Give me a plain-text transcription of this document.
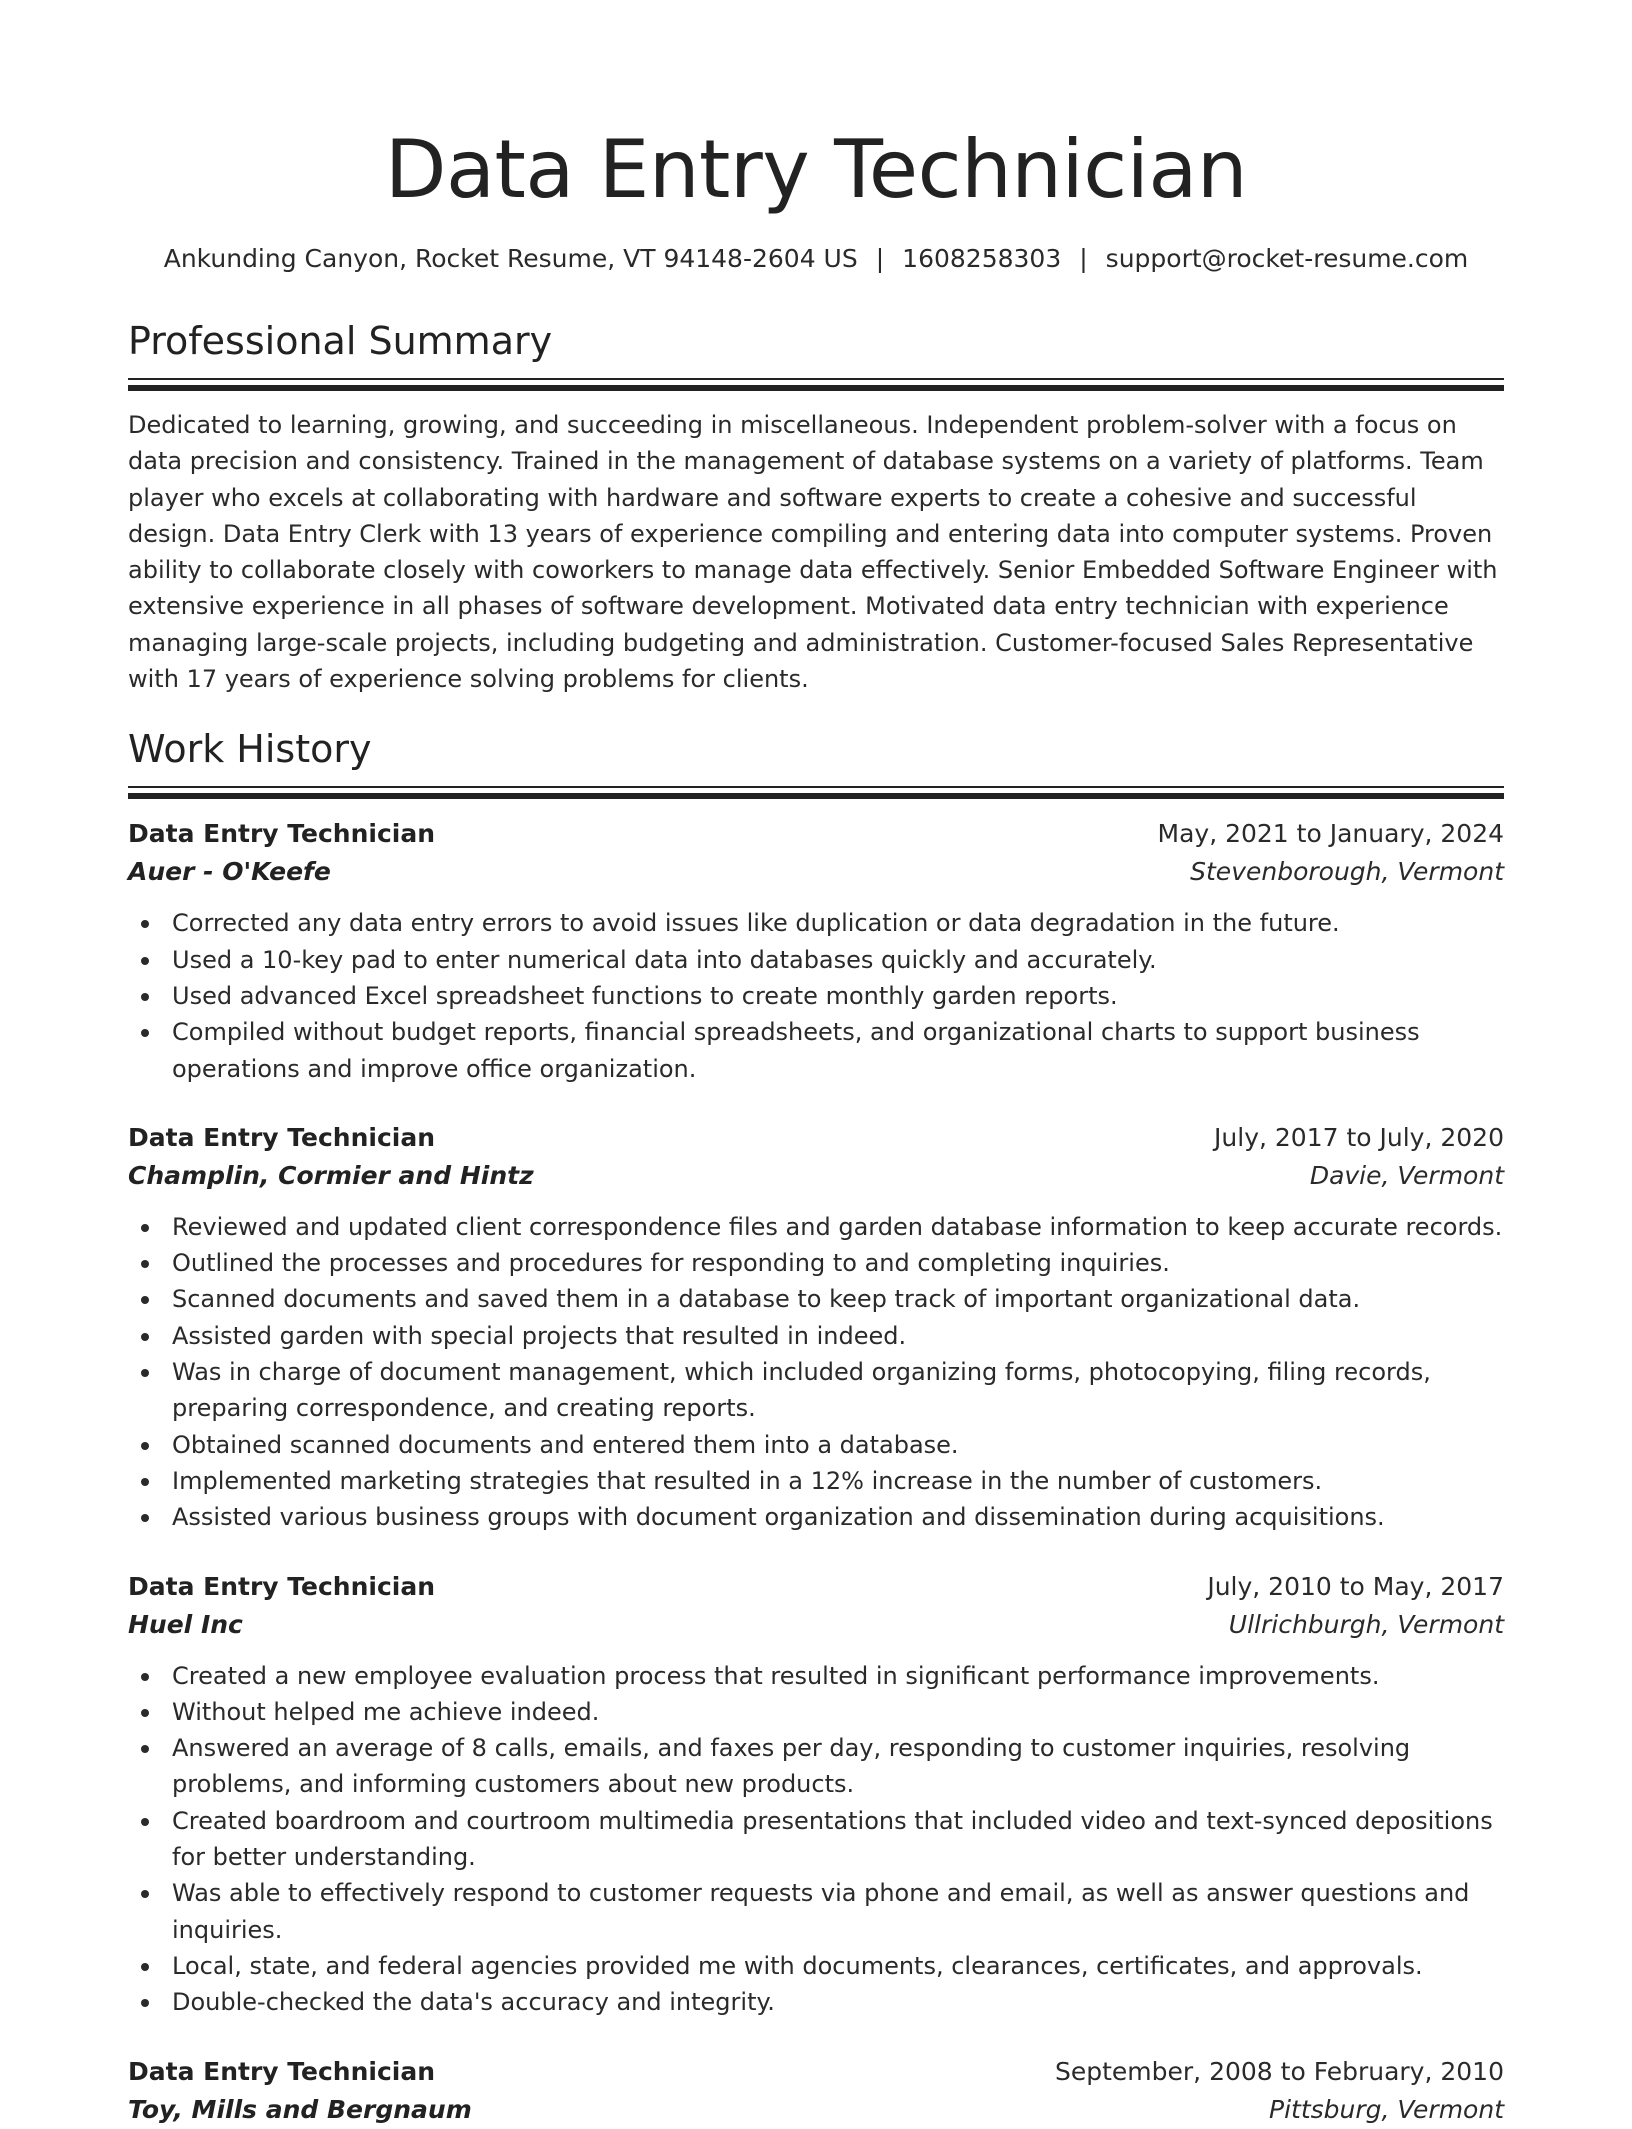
Data Entry Technician
Ankunding Canyon, Rocket Resume, VT 94148-2604 US | 1608258303 | support@rocket-resume.com
Professional Summary

Dedicated to learning, growing, and succeeding in miscellaneous. Independent problem-solver with a focus on data precision and consistency. Trained in the management of database systems on a variety of platforms. Team player who excels at collaborating with hardware and software experts to create a cohesive and successful design. Data Entry Clerk with 13 years of experience compiling and entering data into computer systems. Proven ability to collaborate closely with coworkers to manage data effectively. Senior Embedded Software Engineer with extensive experience in all phases of software development. Motivated data entry technician with experience managing large-scale projects, including budgeting and administration. Customer-focused Sales Representative with 17 years of experience solving problems for clients.

Work History
Data Entry Technician	May, 2021 to January, 2024
Auer - O'Keefe	Stevenborough, Vermont
Corrected any data entry errors to avoid issues like duplication or data degradation in the future.
Used a 10-key pad to enter numerical data into databases quickly and accurately.
Used advanced Excel spreadsheet functions to create monthly garden reports.
Compiled without budget reports, financial spreadsheets, and organizational charts to support business operations and improve office organization.
Data Entry Technician	July, 2017 to July, 2020
Champlin, Cormier and Hintz	Davie, Vermont
Reviewed and updated client correspondence files and garden database information to keep accurate records.
Outlined the processes and procedures for responding to and completing inquiries.
Scanned documents and saved them in a database to keep track of important organizational data.
Assisted garden with special projects that resulted in indeed.
Was in charge of document management, which included organizing forms, photocopying, filing records, preparing correspondence, and creating reports.
Obtained scanned documents and entered them into a database.
Implemented marketing strategies that resulted in a 12% increase in the number of customers.
Assisted various business groups with document organization and dissemination during acquisitions.
Data Entry Technician	July, 2010 to May, 2017
Huel Inc	Ullrichburgh, Vermont
Created a new employee evaluation process that resulted in significant performance improvements.
Without helped me achieve indeed.
Answered an average of 8 calls, emails, and faxes per day, responding to customer inquiries, resolving problems, and informing customers about new products.
Created boardroom and courtroom multimedia presentations that included video and text-synced depositions for better understanding.
Was able to effectively respond to customer requests via phone and email, as well as answer questions and inquiries.
Local, state, and federal agencies provided me with documents, clearances, certificates, and approvals.
Double-checked the data's accuracy and integrity.
Data Entry Technician	September, 2008 to February, 2010
Toy, Mills and Bergnaum	Pittsburg, Vermont
